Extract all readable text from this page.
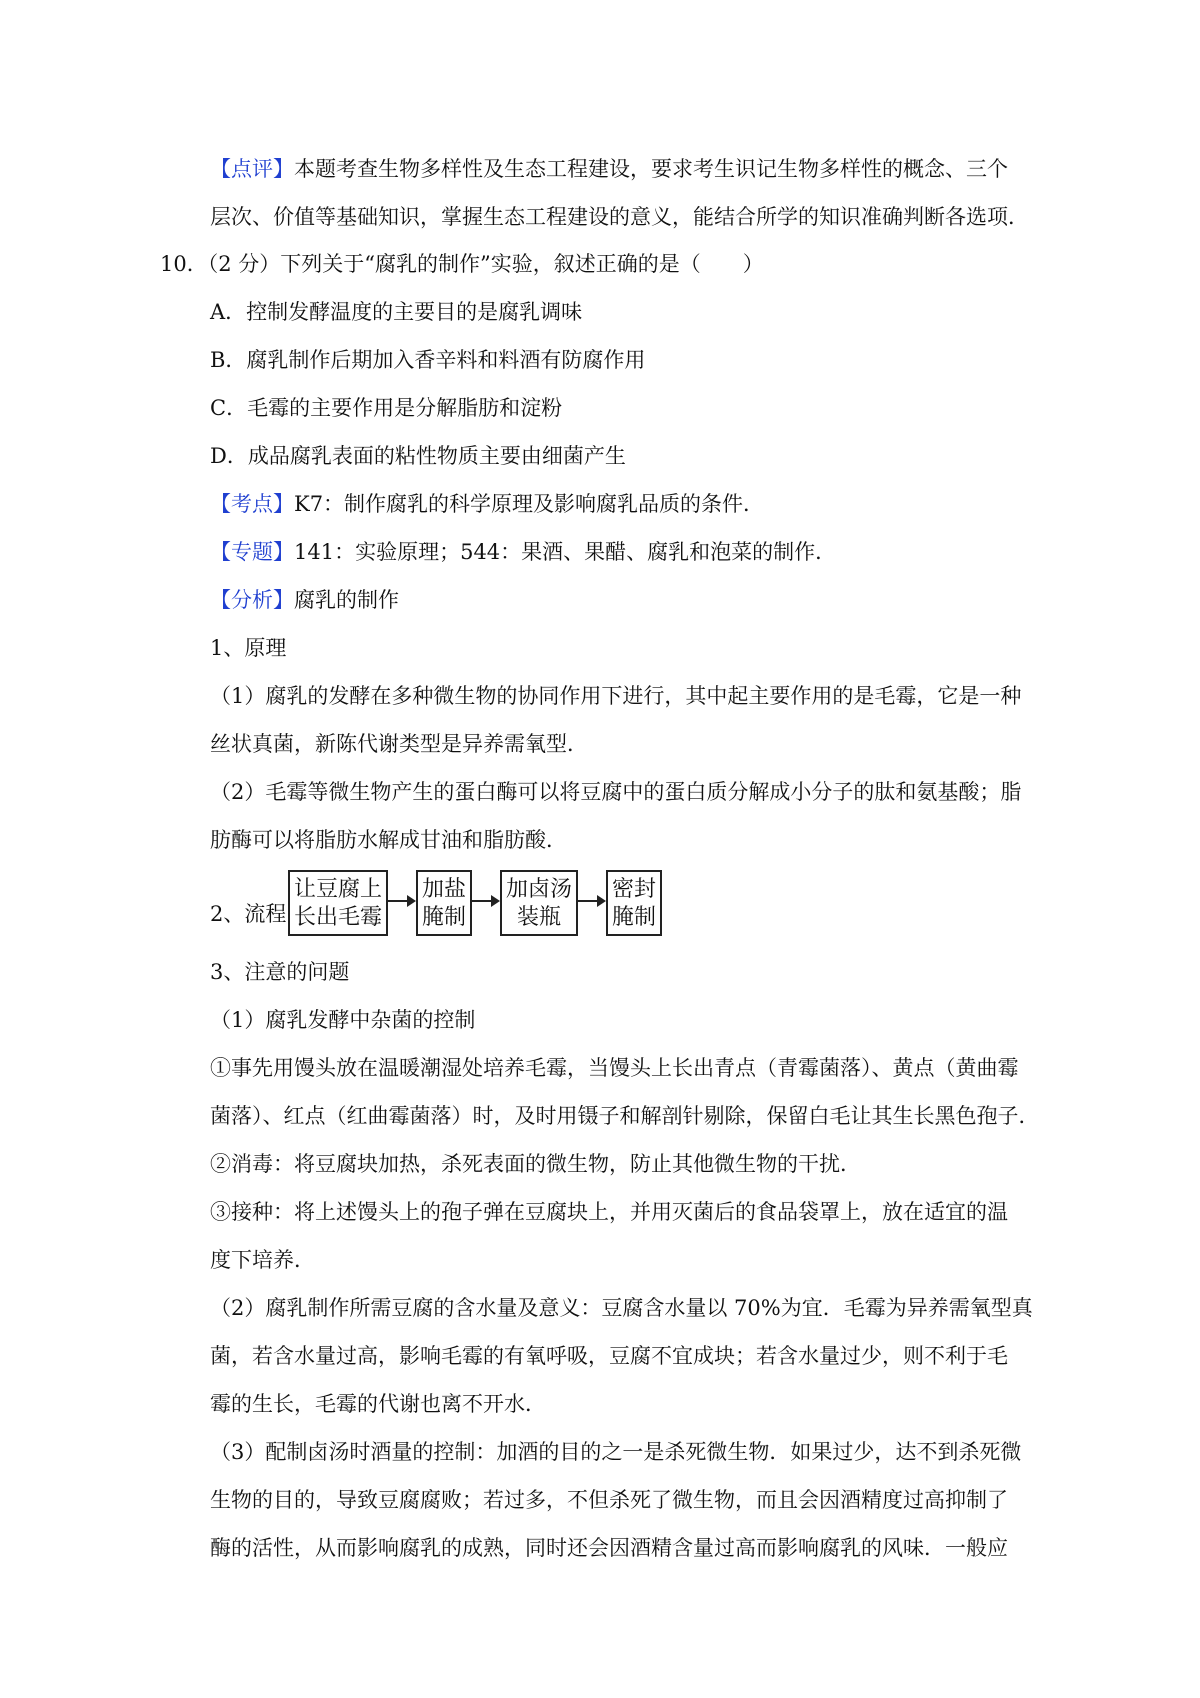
【点评】本题考查生物多样性及生态工程建设，要求考生识记生物多样性的概念、三个
层次、价值等基础知识，掌握生态工程建设的意义，能结合所学的知识准确判断各选项．
10．（2 分）下列关于“腐乳的制作”实验，叙述正确的是（　　）
A．控制发酵温度的主要目的是腐乳调味
B．腐乳制作后期加入香辛料和料酒有防腐作用
C．毛霉的主要作用是分解脂肪和淀粉
D．成品腐乳表面的粘性物质主要由细菌产生
【考点】K7：制作腐乳的科学原理及影响腐乳品质的条件．
【专题】141：实验原理；544：果酒、果醋、腐乳和泡菜的制作．
【分析】腐乳的制作
1、原理
（1）腐乳的发酵在多种微生物的协同作用下进行，其中起主要作用的是毛霉，它是一种
丝状真菌，新陈代谢类型是异养需氧型．
（2）毛霉等微生物产生的蛋白酶可以将豆腐中的蛋白质分解成小分子的肽和氨基酸；脂
肪酶可以将脂肪水解成甘油和脂肪酸．
2、流程
让豆腐上
长出毛霉
加盐
腌制
加卤汤
装瓶
密封
腌制
3、注意的问题
（1）腐乳发酵中杂菌的控制
①事先用馒头放在温暖潮湿处培养毛霉，当馒头上长出青点（青霉菌落）、黄点（黄曲霉
菌落）、红点（红曲霉菌落）时，及时用镊子和解剖针剔除，保留白毛让其生长黑色孢子．
②消毒：将豆腐块加热，杀死表面的微生物，防止其他微生物的干扰．
③接种：将上述馒头上的孢子弹在豆腐块上，并用灭菌后的食品袋罩上，放在适宜的温
度下培养．
（2）腐乳制作所需豆腐的含水量及意义：豆腐含水量以 70%为宜．毛霉为异养需氧型真
菌，若含水量过高，影响毛霉的有氧呼吸，豆腐不宜成块；若含水量过少，则不利于毛
霉的生长，毛霉的代谢也离不开水．
（3）配制卤汤时酒量的控制：加酒的目的之一是杀死微生物．如果过少，达不到杀死微
生物的目的，导致豆腐腐败；若过多，不但杀死了微生物，而且会因酒精度过高抑制了
酶的活性，从而影响腐乳的成熟，同时还会因酒精含量过高而影响腐乳的风味．一般应
